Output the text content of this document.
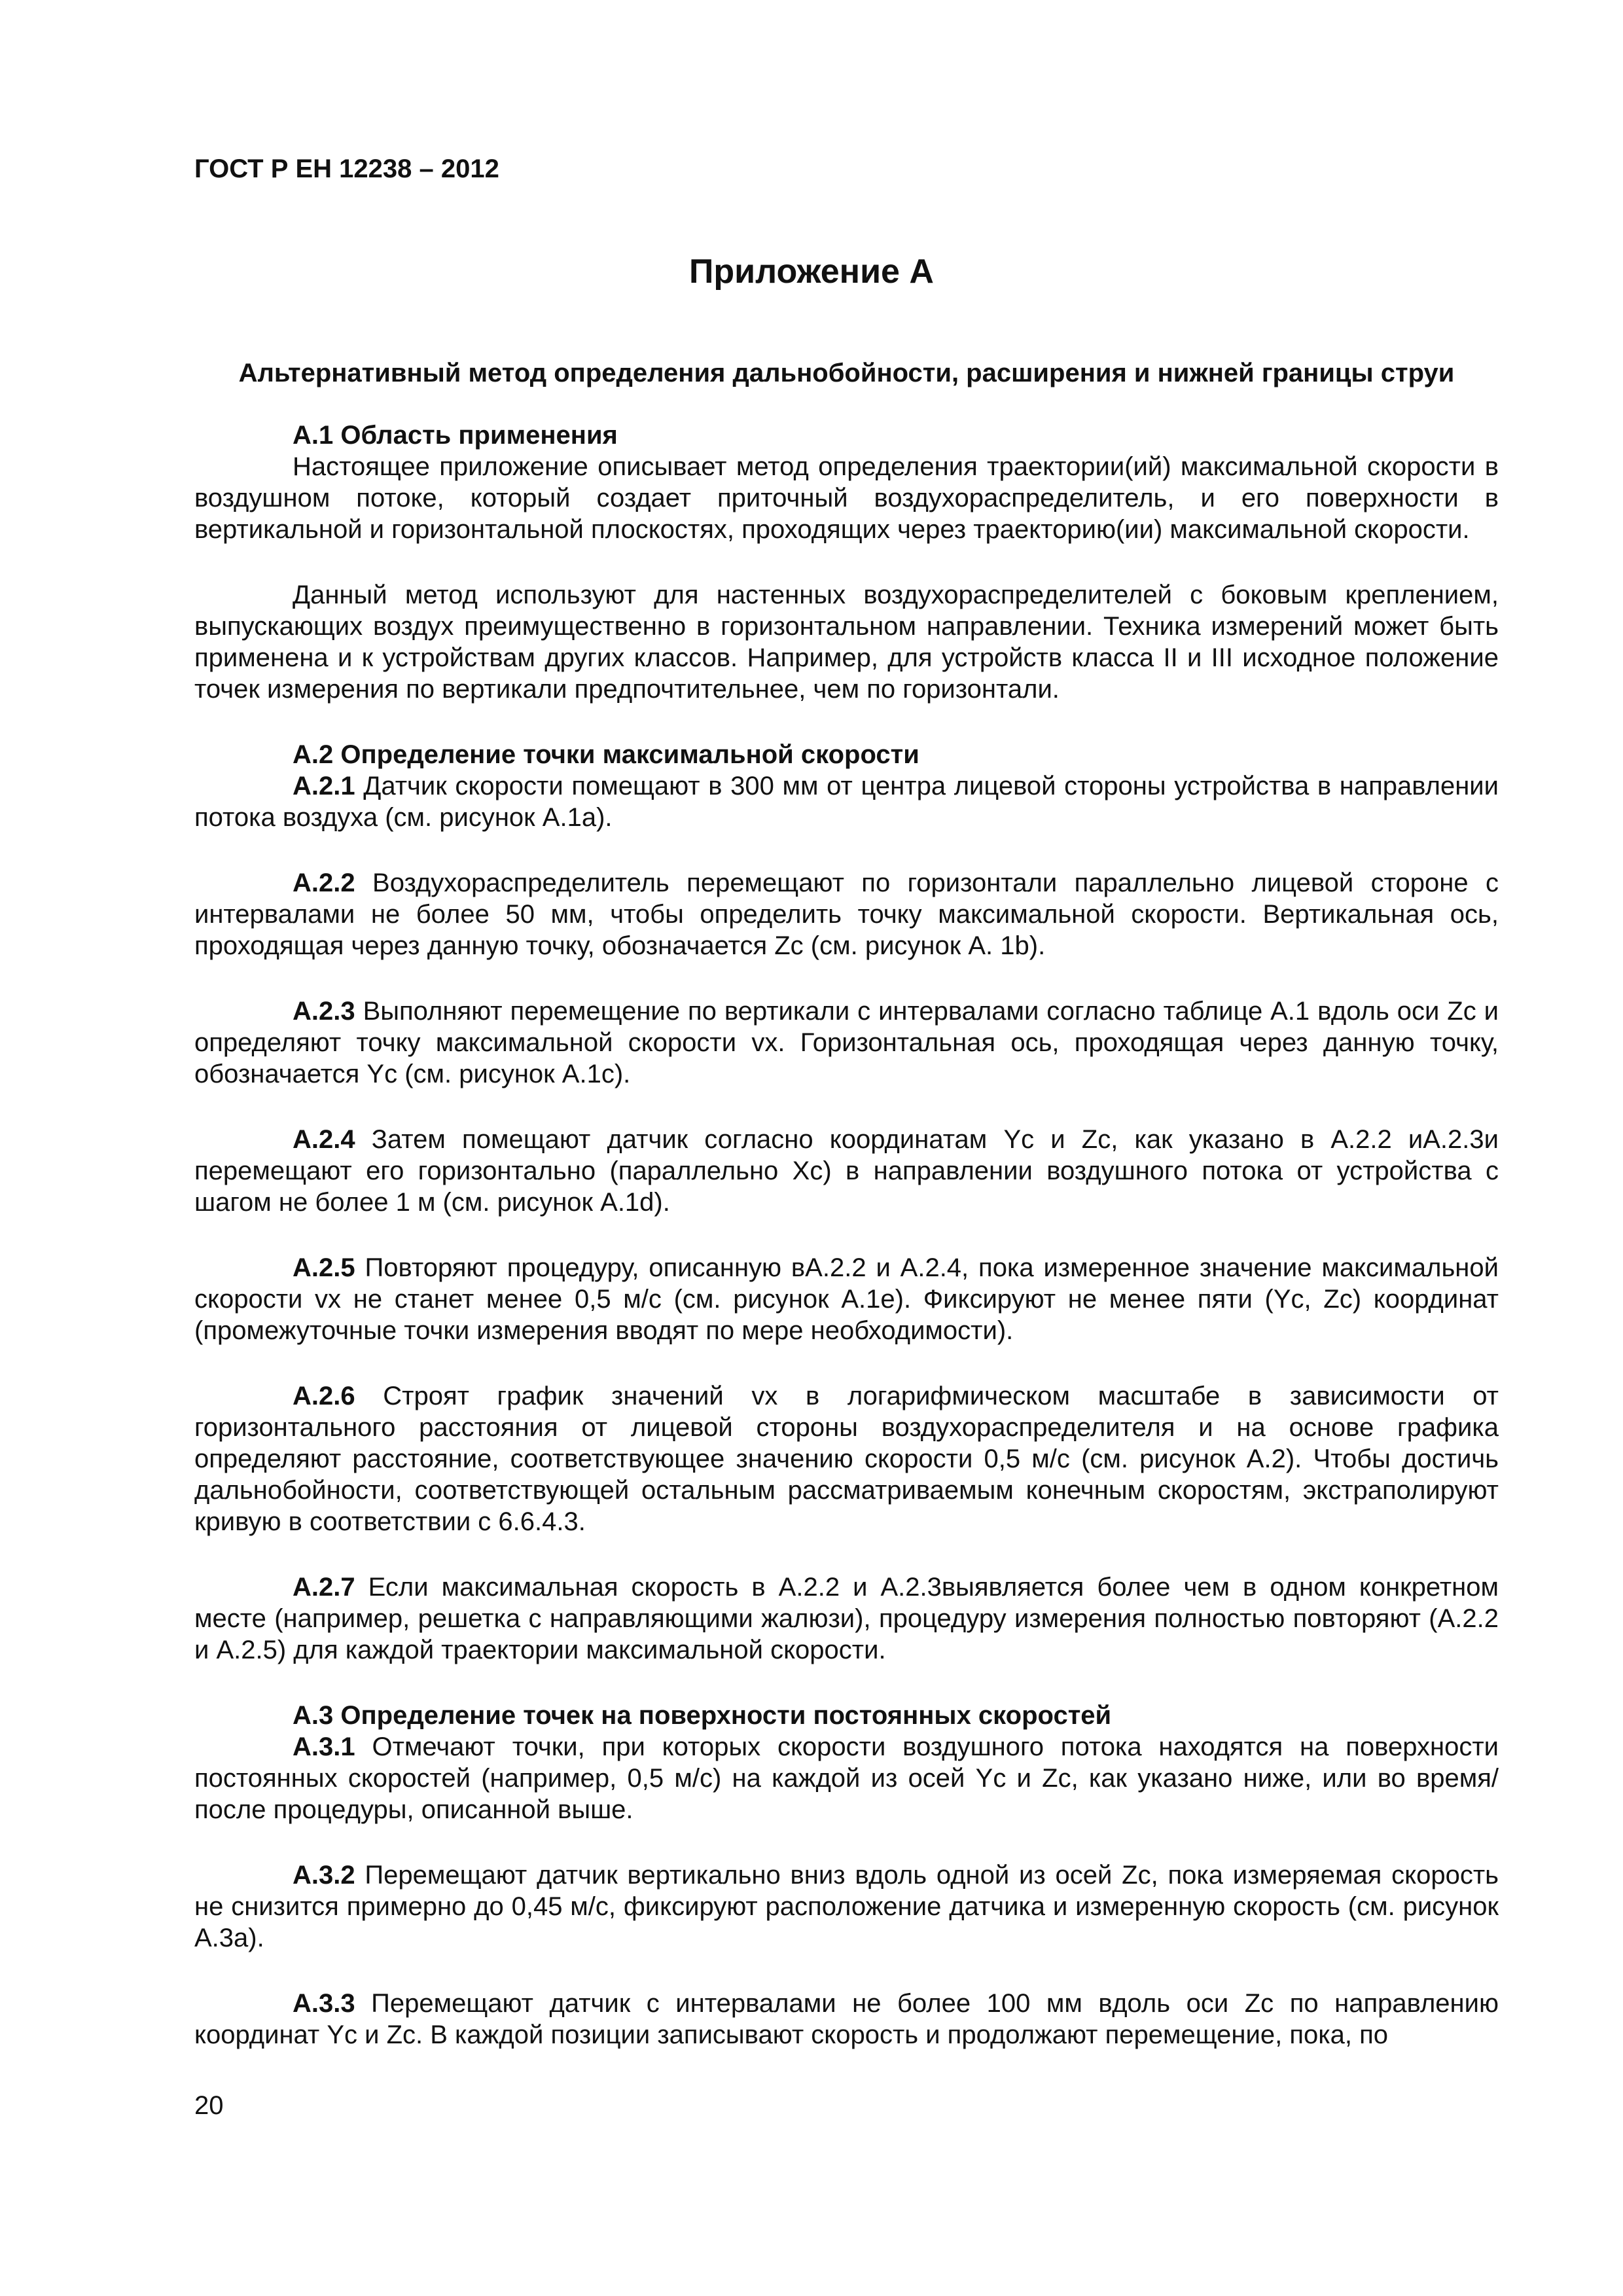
ГОСТ Р ЕН 12238 – 2012
Приложение А
Альтернативный метод определения дальнобойности, расширения и нижней границы струи
А.1 Область применения

Настоящее приложение описывает метод определения траектории(ий) максимальной скорости в воздушном потоке, который создает приточный воздухораспределитель, и его поверхности в вертикальной и горизонтальной плоскостях, проходящих через траекторию(ии) максимальной скорости.

Данный метод используют для настенных воздухораспределителей с боковым креплением, выпускающих воздух преимущественно в горизонтальном направлении. Техника измерений может быть применена и к устройствам других классов. Например, для устройств класса II и III исходное положение точек измерения по вертикали предпочтительнее, чем по горизонтали.

А.2 Определение точки максимальной скорости

А.2.1 Датчик скорости помещают в 300 мм от центра лицевой стороны устройства в направлении потока воздуха (см. рисунок А.1а).

А.2.2 Воздухораспределитель перемещают по горизонтали параллельно лицевой стороне с интервалами не более 50 мм, чтобы определить точку максимальной скорости. Вертикальная ось, проходящая через данную точку, обозначается Zc (см. рисунок А. 1b).

А.2.3 Выполняют перемещение по вертикали с интервалами согласно таблице А.1 вдоль оси Zc и определяют точку максимальной скорости vx. Горизонтальная ось, проходящая через данную точку, обозначается Yc (см. рисунок А.1с).

А.2.4 Затем помещают датчик согласно координатам Yc и Zc, как указано в А.2.2 иА.2.3и перемещают его горизонтально (параллельно Xc) в направлении воздушного потока от устройства с шагом не более 1 м (см. рисунок А.1d).

А.2.5 Повторяют процедуру, описанную вА.2.2 и А.2.4, пока измеренное значение максимальной скорости vx не станет менее 0,5 м/с (см. рисунок А.1е). Фиксируют не менее пяти (Yc, Zc) координат (промежуточные точки измерения вводят по мере необходимости).

А.2.6 Строят график значений vx в логарифмическом масштабе в зависимости от горизонтального расстояния от лицевой стороны воздухораспределителя и на основе графика определяют расстояние, соответствующее значению скорости 0,5 м/с (см. рисунок А.2). Чтобы достичь дальнобойности, соответствующей остальным рассматриваемым конечным скоростям, экстраполируют кривую в соответствии с 6.6.4.3.

А.2.7 Если максимальная скорость в А.2.2 и А.2.3выявляется более чем в одном конкретном месте (например, решетка с направляющими жалюзи), процедуру измерения полностью повторяют (А.2.2 и А.2.5) для каждой траектории максимальной скорости.

А.3 Определение точек на поверхности постоянных скоростей

А.3.1 Отмечают точки, при которых скорости воздушного потока находятся на поверхности постоянных скоростей (например, 0,5 м/с) на каждой из осей Yc и Zc, как указано ниже, или во время/после процедуры, описанной выше.

А.3.2 Перемещают датчик вертикально вниз вдоль одной из осей Zc, пока измеряемая скорость не снизится примерно до 0,45 м/с, фиксируют расположение датчика и измеренную скорость (см. рисунок А.3а).

А.3.3 Перемещают датчик с интервалами не более 100 мм вдоль оси Zc по направлению координат Yc и Zc. В каждой позиции записывают скорость и продолжают перемещение, пока, по

20
